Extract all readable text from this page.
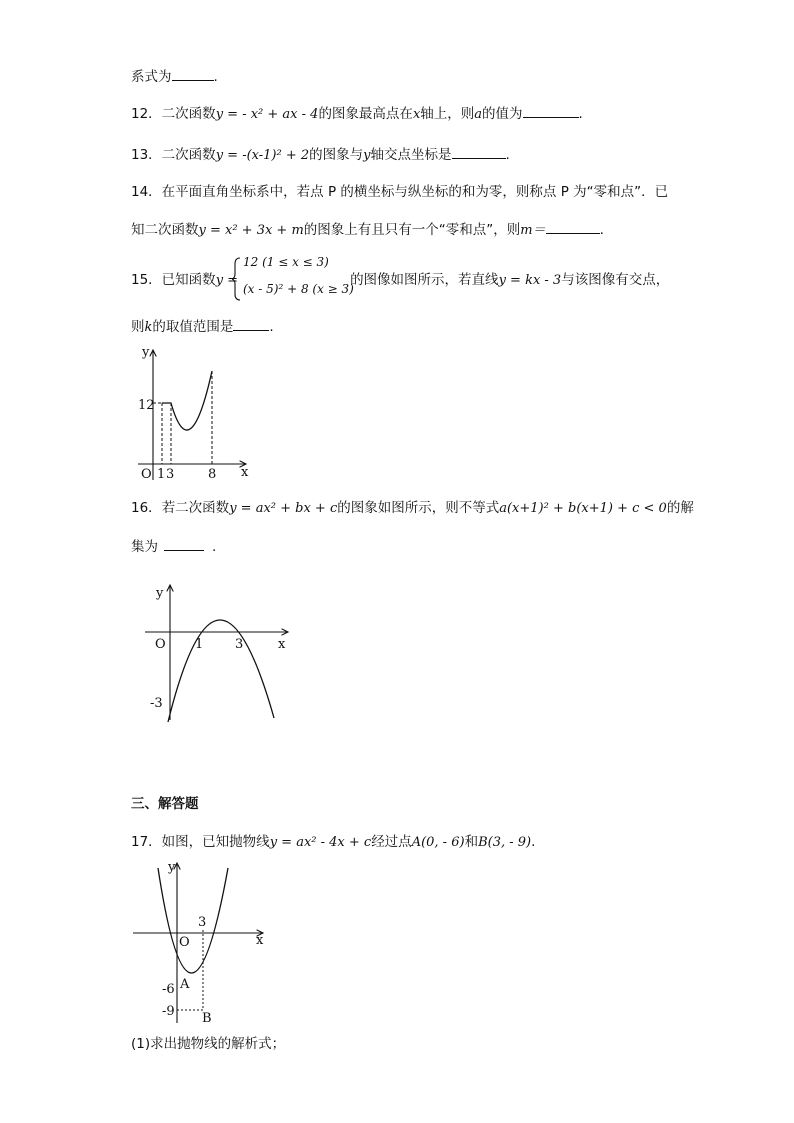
系式为	.
12．二次函数y = - x² + ax - 4的图象最高点在x轴上，则a的值为	.
13．二次函数y = -(x-1)² + 2的图象与y轴交点坐标是	.
14．在平面直角坐标系中，若点 P 的横坐标与纵坐标的和为零，则称点 P 为“零和点”．已
知二次函数y = x² + 3x + m的图象上有且只有一个“零和点”，则m＝	.
15．已知函数y =	的图像如图所示，若直线y = kx - 3与该图像有交点，
12 (1 ≤ x ≤ 3)
(x - 5)² + 8 (x ≥ 3)
则k的取值范围是	.
y
x
O
12
1 3	8
16．若二次函数y = ax² + bx + c的图象如图所示，则不等式a(x+1)² + b(x+1) + c < 0的解
集为	.
y
x
O 1 3
-3
三、解答题
17．如图，已知抛物线y = ax² - 4x + c经过点A(0, - 6)和B(3, - 9).
y
x
O
3
-6
-9
A
B
(1)求出抛物线的解析式；
